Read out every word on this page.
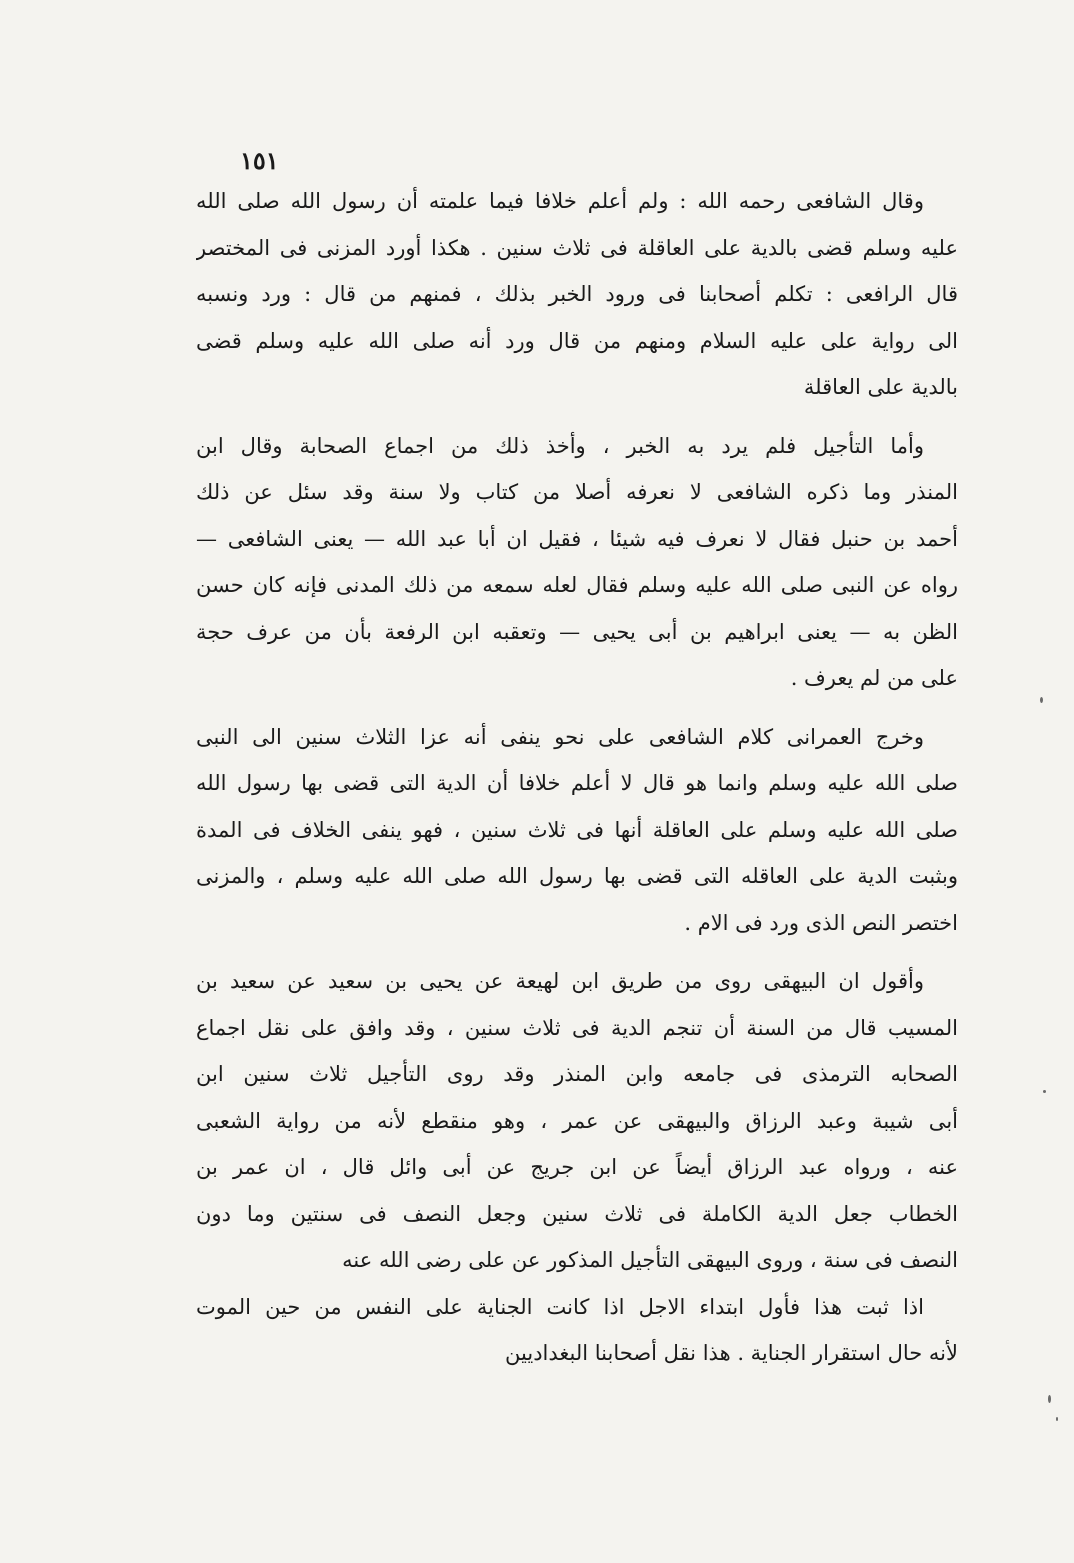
١٥١
وقال الشافعى رحمه الله : ولم أعلم خلافا فيما علمته أن رسول الله صلى الله
عليه وسلم قضى بالدية على العاقلة فى ثلاث سنين . هكذا أورد المزنى فى المختصر
قال الرافعى : تكلم أصحابنا فى ورود الخبر بذلك ، فمنهم من قال : ورد ونسبه
الى رواية على عليه السلام ومنهم من قال ورد أنه صلى الله عليه وسلم قضى
بالدية على العاقلة
وأما التأجيل فلم يرد به الخبر ، وأخذ ذلك من اجماع الصحابة وقال ابن
المنذر وما ذكره الشافعى لا نعرفه أصلا من كتاب ولا سنة وقد سئل عن ذلك
أحمد بن حنبل فقال لا نعرف فيه شيئا ، فقيل ان أبا عبد الله — يعنى الشافعى —
رواه عن النبى صلى الله عليه وسلم فقال لعله سمعه من ذلك المدنى فإنه كان حسن
الظن به — يعنى ابراهيم بن أبى يحيى — وتعقبه ابن الرفعة بأن من عرف حجة
على من لم يعرف .
وخرج العمرانى كلام الشافعى على نحو ينفى أنه عزا الثلاث سنين الى النبى
صلى الله عليه وسلم وانما هو قال لا أعلم خلافا أن الدية التى قضى بها رسول الله
صلى الله عليه وسلم على العاقلة أنها فى ثلاث سنين ، فهو ينفى الخلاف فى المدة
وبثبت الدية على العاقله التى قضى بها رسول الله صلى الله عليه وسلم ، والمزنى
اختصر النص الذى ورد فى الام .
وأقول ان البيهقى روى من طريق ابن لهيعة عن يحيى بن سعيد عن سعيد بن
المسيب قال من السنة أن تنجم الدية فى ثلاث سنين ، وقد وافق على نقل اجماع
الصحابه الترمذى فى جامعه وابن المنذر وقد روى التأجيل ثلاث سنين ابن
أبى شيبة وعبد الرزاق والبيهقى عن عمر ، وهو منقطع لأنه من رواية الشعبى
عنه ، ورواه عبد الرزاق أيضاً عن ابن جريج عن أبى وائل قال ، ان عمر بن
الخطاب جعل الدية الكاملة فى ثلاث سنين وجعل النصف فى سنتين وما دون
النصف فى سنة ، وروى البيهقى التأجيل المذكور عن على رضى الله عنه
اذا ثبت هذا فأول ابتداء الاجل اذا كانت الجناية على النفس من حين الموت
لأنه حال استقرار الجناية . هذا نقل أصحابنا البغداديين
